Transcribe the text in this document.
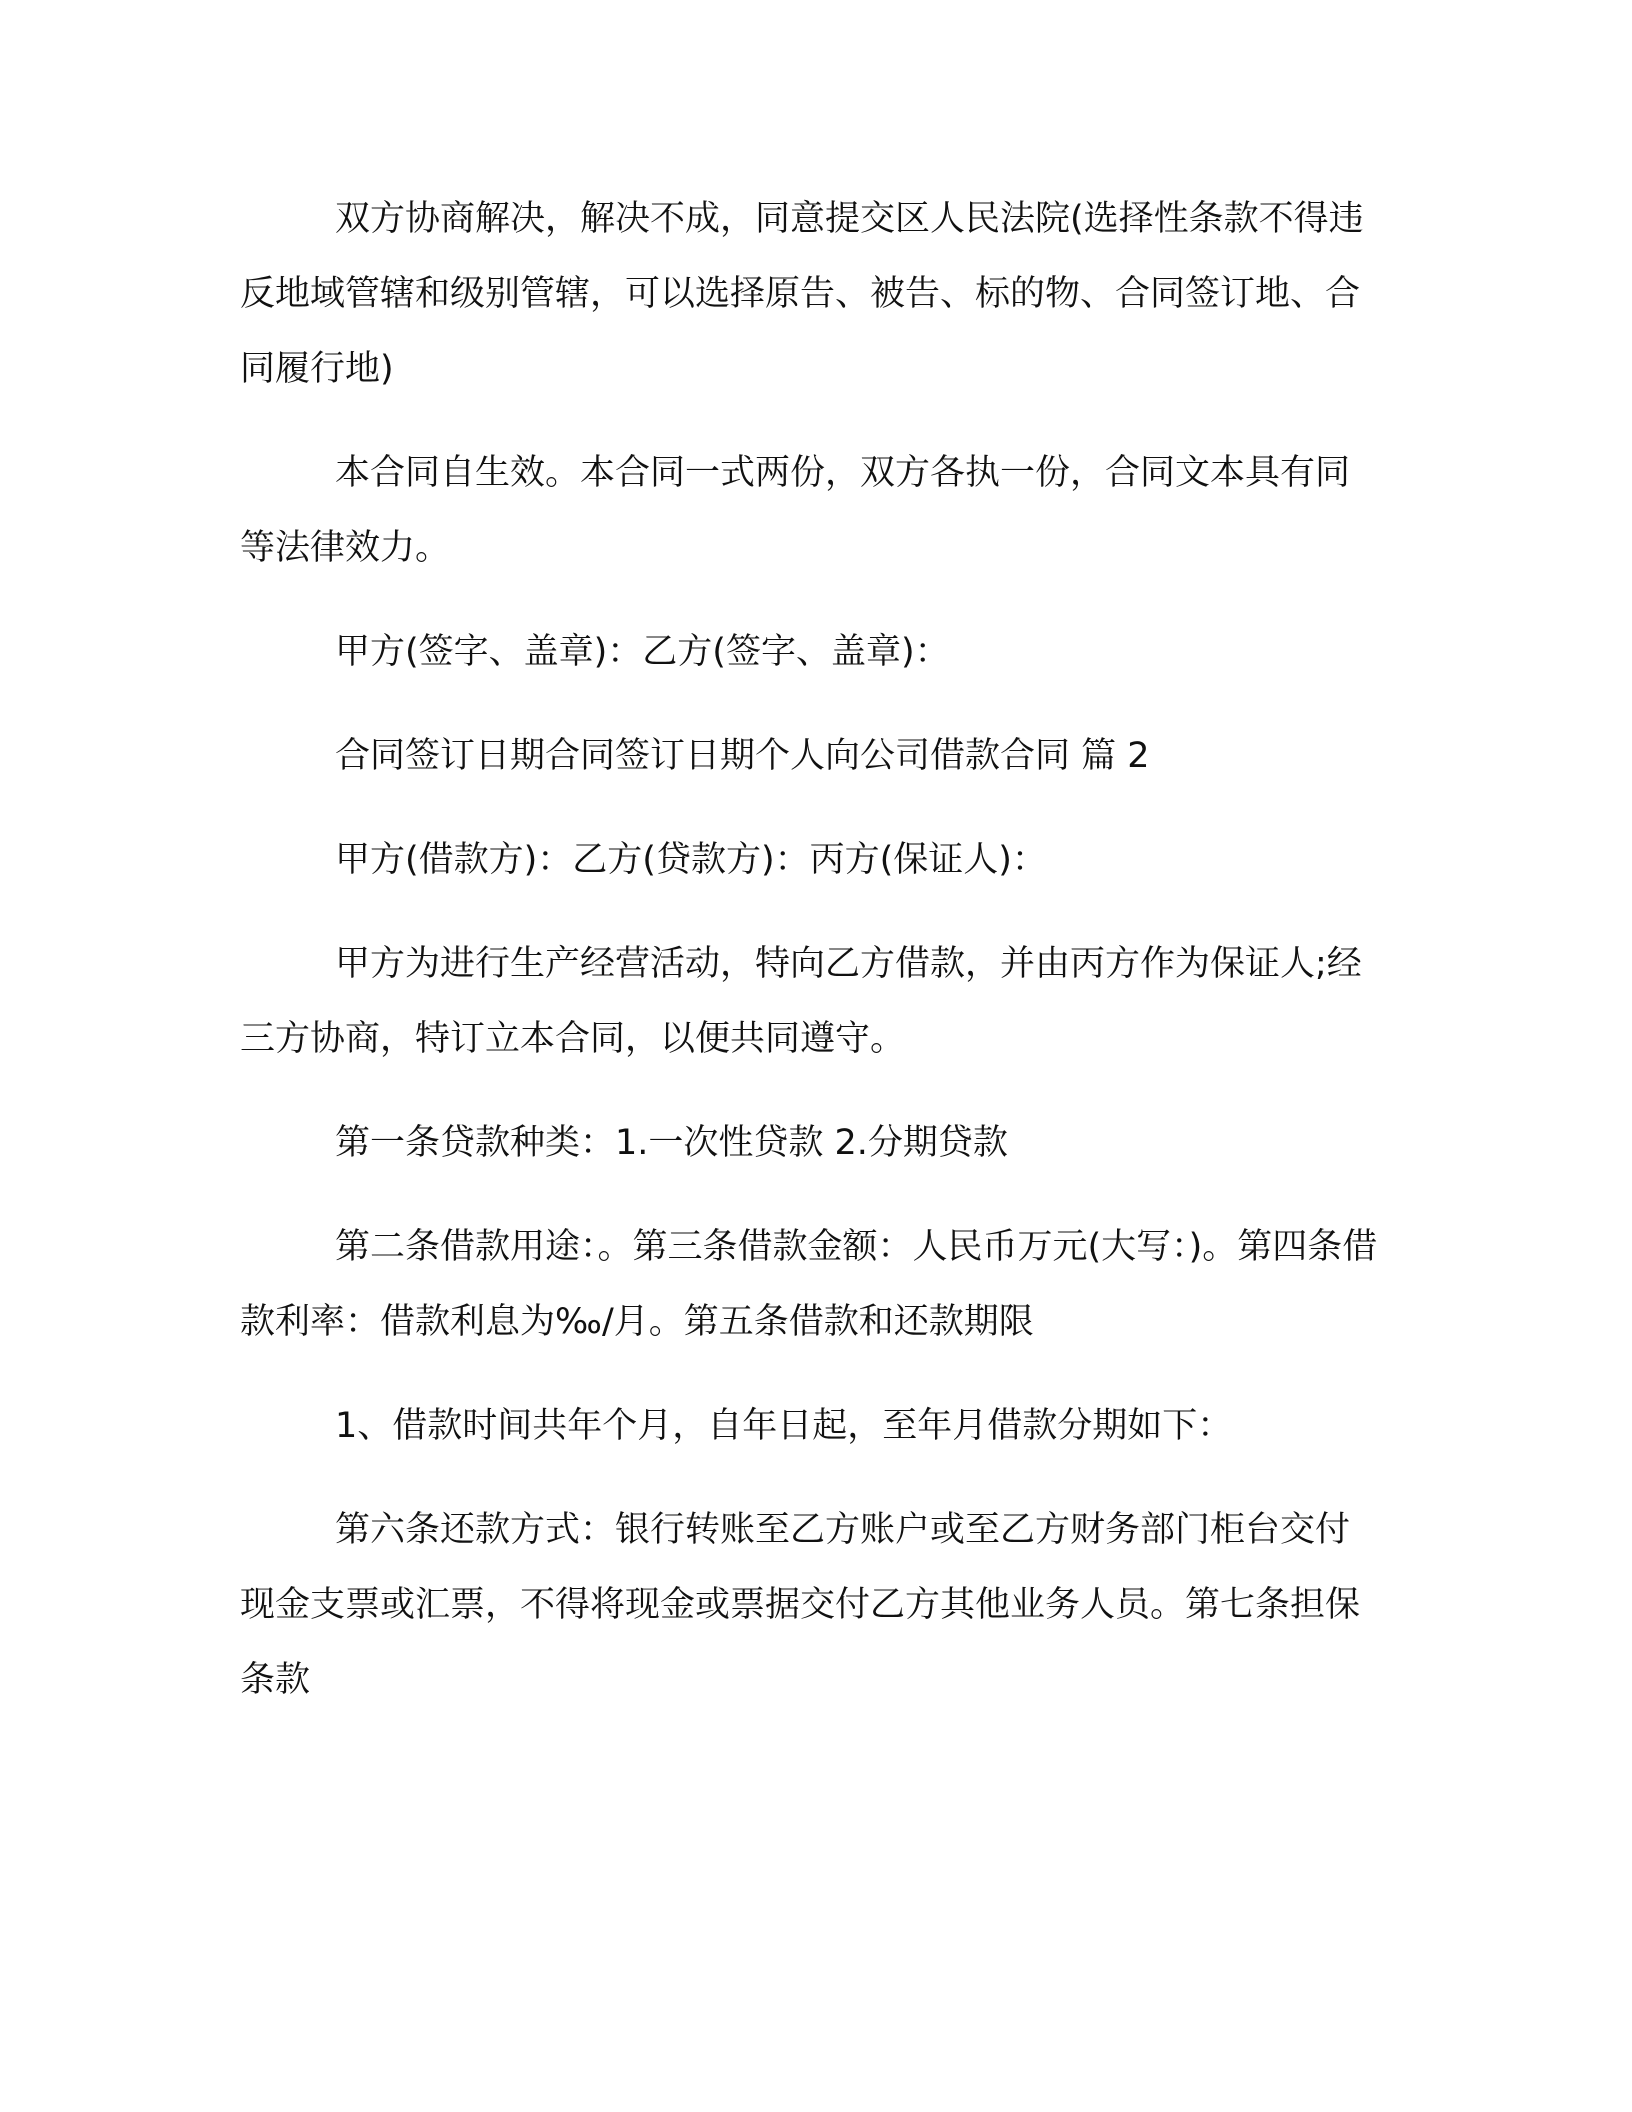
双方协商解决，解决不成，同意提交区人民法院(选择性条款不得违反地域管辖和级别管辖，可以选择原告、被告、标的物、合同签订地、合同履行地)

本合同自生效。本合同一式两份，双方各执一份，合同文本具有同等法律效力。

甲方(签字、盖章)：乙方(签字、盖章)：

合同签订日期合同签订日期个人向公司借款合同 篇 2

甲方(借款方)：乙方(贷款方)：丙方(保证人)：

甲方为进行生产经营活动，特向乙方借款，并由丙方作为保证人;经三方协商，特订立本合同，以便共同遵守。

第一条贷款种类：1.一次性贷款 2.分期贷款

第二条借款用途：。第三条借款金额：人民币万元(大写：)。第四条借款利率：借款利息为‰/月。第五条借款和还款期限

1、借款时间共年个月，自年日起，至年月借款分期如下：

第六条还款方式：银行转账至乙方账户或至乙方财务部门柜台交付现金支票或汇票，不得将现金或票据交付乙方其他业务人员。第七条担保条款
